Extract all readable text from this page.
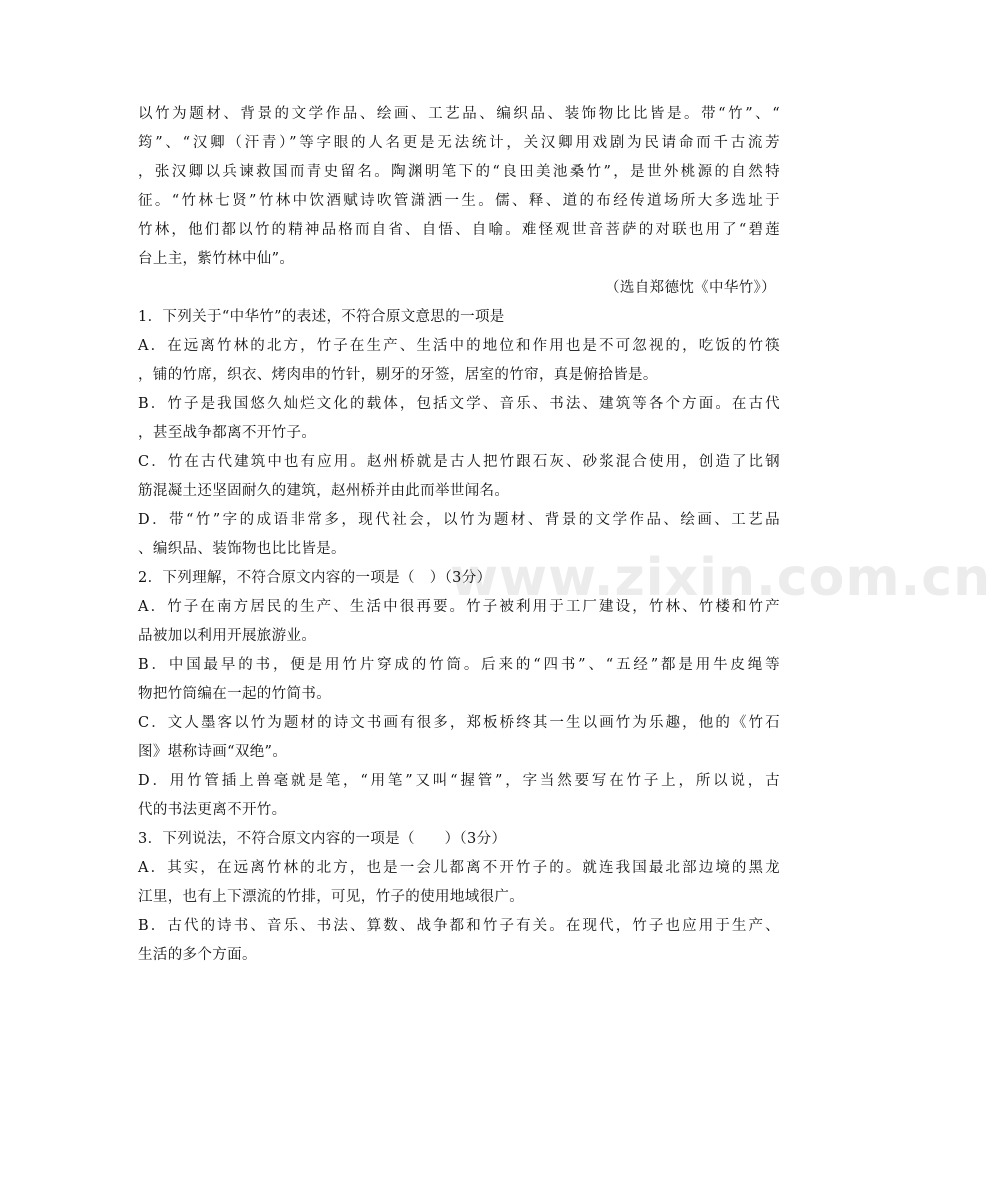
www.zixin.com.cn
以竹为题材、背景的文学作品、绘画、工艺品、编织品、装饰物比比皆是。带“竹”、“
筠”、“汉卿（汗青）”等字眼的人名更是无法统计，关汉卿用戏剧为民请命而千古流芳
，张汉卿以兵谏救国而青史留名。陶渊明笔下的“良田美池桑竹”，是世外桃源的自然特
征。“竹林七贤”竹林中饮酒赋诗吹管潇洒一生。儒、释、道的布经传道场所大多选址于
竹林，他们都以竹的精神品格而自省、自悟、自喻。难怪观世音菩萨的对联也用了“碧莲
台上主，紫竹林中仙”。
（选自郑德忱《中华竹》）
1．下列关于“中华竹”的表述，不符合原文意思的一项是
A．在远离竹林的北方，竹子在生产、生活中的地位和作用也是不可忽视的，吃饭的竹筷
，铺的竹席，织衣、烤肉串的竹针，剔牙的牙签，居室的竹帘，真是俯拾皆是。
B．竹子是我国悠久灿烂文化的载体，包括文学、音乐、书法、建筑等各个方面。在古代
，甚至战争都离不开竹子。
C．竹在古代建筑中也有应用。赵州桥就是古人把竹跟石灰、砂浆混合使用，创造了比钢
筋混凝土还坚固耐久的建筑，赵州桥并由此而举世闻名。
D．带“竹”字的成语非常多，现代社会，以竹为题材、背景的文学作品、绘画、工艺品
、编织品、装饰物也比比皆是。
2．下列理解，不符合原文内容的一项是（　）（3分）
A．竹子在南方居民的生产、生活中很再要。竹子被利用于工厂建设，竹林、竹楼和竹产
品被加以利用开展旅游业。
B．中国最早的书，便是用竹片穿成的竹筒。后来的“四书”、“五经”都是用牛皮绳等
物把竹筒编在一起的竹简书。
C．文人墨客以竹为题材的诗文书画有很多，郑板桥终其一生以画竹为乐趣，他的《竹石
图》堪称诗画“双绝”。
D．用竹管插上兽毫就是笔，“用笔”又叫“握管”，字当然要写在竹子上，所以说，古
代的书法更离不开竹。
3．下列说法，不符合原文内容的一项是（　　）（3分）
A．其实，在远离竹林的北方，也是一会儿都离不开竹子的。就连我国最北部边境的黑龙
江里，也有上下漂流的竹排，可见，竹子的使用地域很广。
B．古代的诗书、音乐、书法、算数、战争都和竹子有关。在现代，竹子也应用于生产、
生活的多个方面。
